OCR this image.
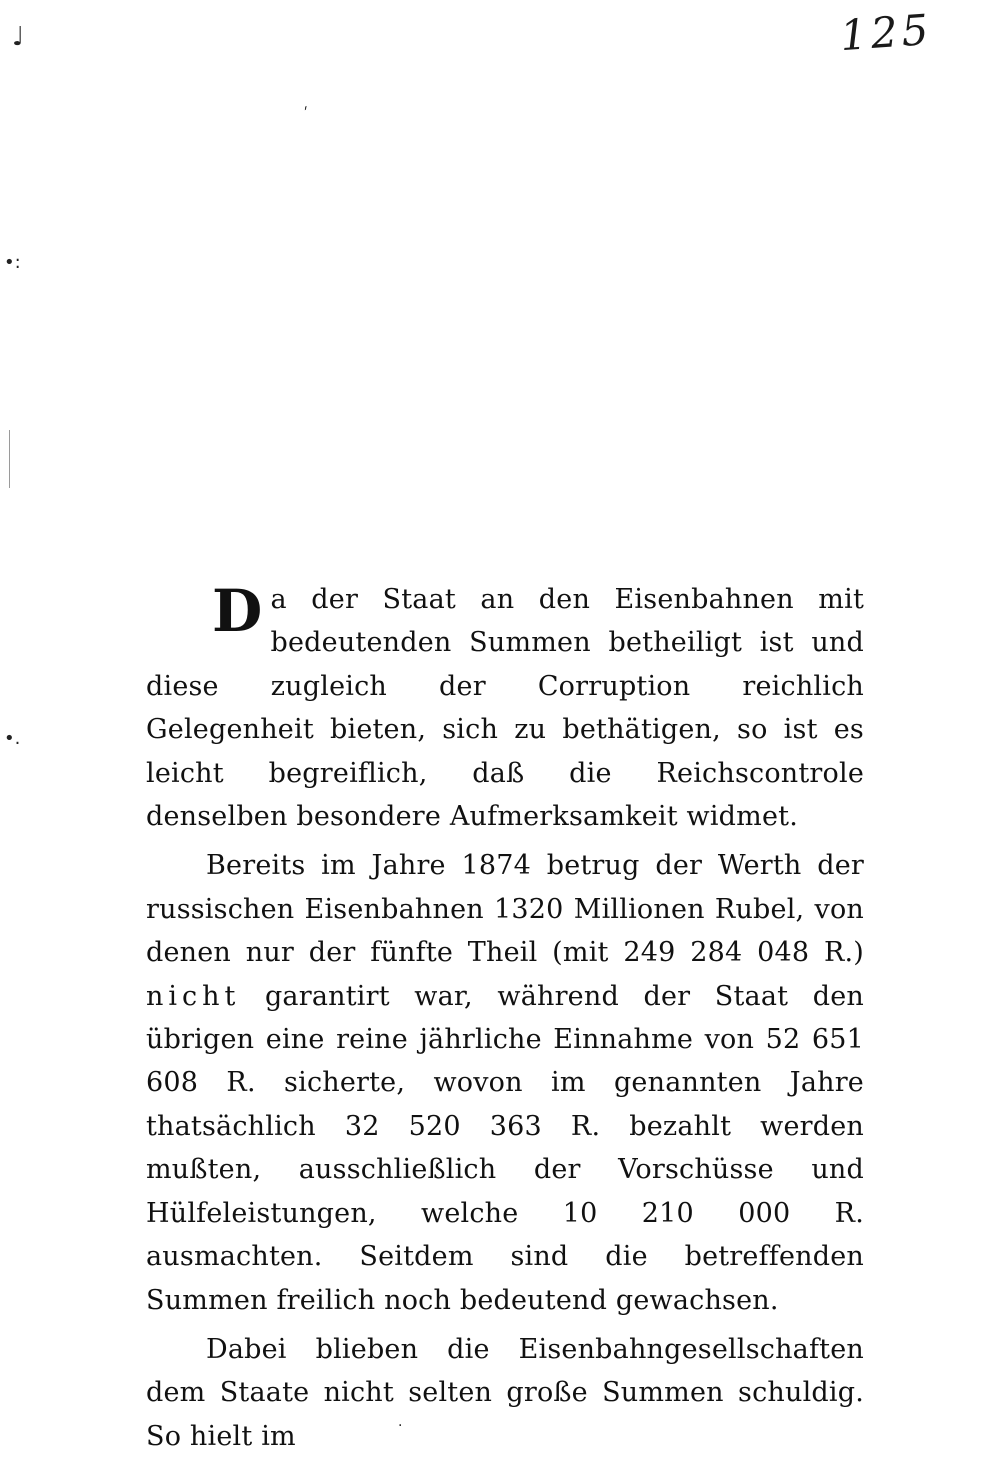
125
♩
´
•:
•.
·

Da der Staat an den Eisenbahnen mit bedeutenden Summen betheiligt ist und diese zugleich der Corruption reichlich Gelegenheit bieten, sich zu bethätigen, so ist es leicht begreiflich, daß die Reichscontrole denselben besondere Aufmerksamkeit widmet.

Bereits im Jahre 1874 betrug der Werth der russischen Eisenbahnen 1320 Millionen Rubel, von denen nur der fünfte Theil (mit 249 284 048 R.) nicht garantirt war, während der Staat den übrigen eine reine jährliche Einnahme von 52 651 608 R. sicherte, wovon im genannten Jahre thatsächlich 32 520 363 R. bezahlt werden mußten, ausschließlich der Vorschüsse und Hülfeleistungen, welche 10 210 000 R. ausmachten. Seitdem sind die betreffenden Summen freilich noch bedeutend gewachsen.

Dabei blieben die Eisenbahngesellschaften dem Staate nicht selten große Summen schuldig. So hielt im
